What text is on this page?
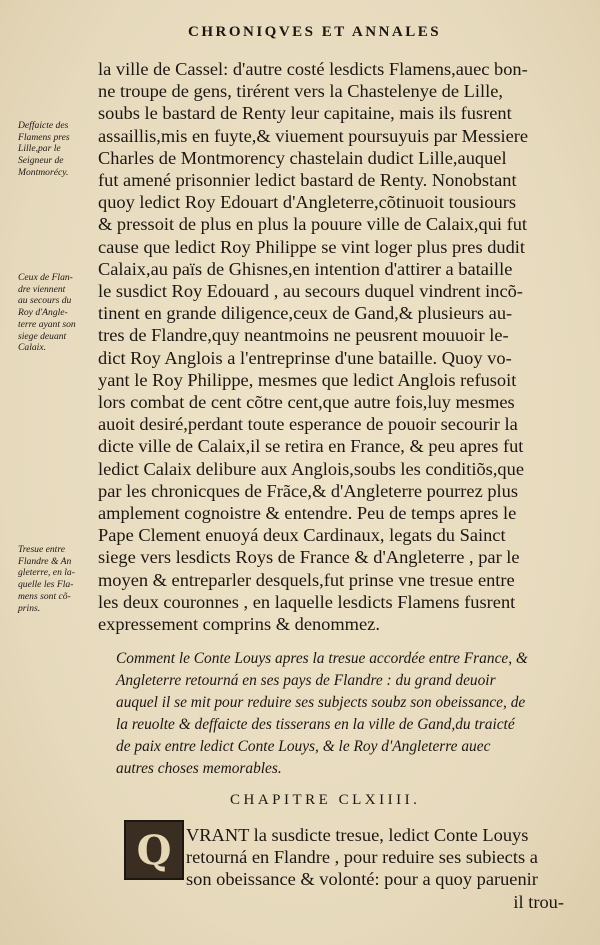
CHRONIQVES ET ANNALES
la ville de Cassel: d'autre costé lesdicts Flamens,auec bon-
ne troupe de gens, tirérent vers la Chastelenye de Lille,
soubs le bastard de Renty leur capitaine, mais ils fusrent
assaillis,mis en fuyte,& viuement poursuyuis par Messiere
Charles de Montmorency chastelain dudict Lille,auquel
fut amené prisonnier ledict bastard de Renty. Nonobstant
quoy ledict Roy Edouart d'Angleterre,cõtinuoit tousiours
& pressoit de plus en plus la pouure ville de Calaix,qui fut
cause que ledict Roy Philippe se vint loger plus pres dudit
Calaix,au païs de Ghisnes,en intention d'attirer a bataille
le susdict Roy Edouard , au secours duquel vindrent incõ-
tinent en grande diligence,ceux de Gand,& plusieurs au-
tres de Flandre,quy neantmoins ne peusrent mouuoir le-
dict Roy Anglois a l'entreprinse d'une bataille. Quoy vo-
yant le Roy Philippe, mesmes que ledict Anglois refusoit
lors combat de cent cõtre cent,que autre fois,luy mesmes
auoit desiré,perdant toute esperance de pouoir secourir la
dicte ville de Calaix,il se retira en France, & peu apres fut
ledict Calaix delibure aux Anglois,soubs les conditiõs,que
par les chronicques de Frãce,& d'Angleterre pourrez plus
amplement cognoistre & entendre. Peu de temps apres le
Pape Clement enuoyá deux Cardinaux, legats du Sainct
siege vers lesdicts Roys de France & d'Angleterre , par le
moyen & entreparler desquels,fut prinse vne tresue entre
les deux couronnes , en laquelle lesdicts Flamens fusrent
expressement comprins & denommez.
Deffaicte des
Flamens pres
Lille,par le
Seigneur de
Montmorécy.
Ceux de Flan-
dre viennent
au secours du
Roy d'Angle-
terre ayant son
siege deuant
Calaix.
Tresue entre
Flandre & An
gleterre, en la-
quelle les Fla-
mens sont cõ-
prins.
Comment le Conte Louys apres la tresue accordée entre France, &
Angleterre retourná en ses pays de Flandre : du grand deuoir
auquel il se mit pour reduire ses subjects soubz son obeissance, de
la reuolte & deffaicte des tisserans en la ville de Gand,du traicté
de paix entre ledict Conte Louys, & le Roy d'Angleterre auec
autres choses memorables.
CHAPITRE CLXIIII.
Q VRANT la susdicte tresue, ledict Conte Louys
retourná en Flandre , pour reduire ses subiects a
son obeissance & volonté: pour a quoy paruenir
il trou-
